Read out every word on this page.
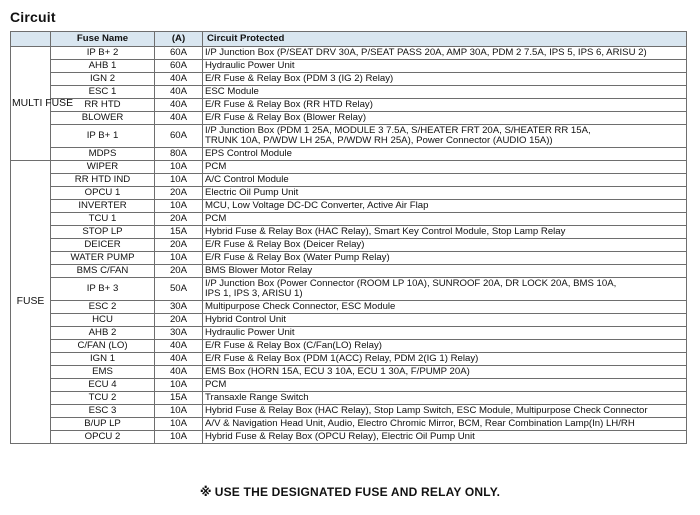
Circuit
	Fuse Name	(A)	Circuit Protected
MULTI FUSE	IP B+ 2	60A	I/P Junction Box (P/SEAT DRV 30A, P/SEAT PASS 20A, AMP 30A, PDM 2 7.5A, IPS 5, IPS 6, ARISU 2)

	AHB 1	60A	Hydraulic Power Unit

	IGN 2	40A	E/R Fuse & Relay Box (PDM 3 (IG 2) Relay)

	ESC 1	40A	ESC Module

	RR HTD	40A	E/R Fuse & Relay Box (RR HTD Relay)

	BLOWER	40A	E/R Fuse & Relay Box (Blower Relay)

	IP B+ 1	60A	I/P Junction Box (PDM 1 25A, MODULE 3 7.5A, S/HEATER FRT 20A, S/HEATER RR 15A,
TRUNK 10A, P/WDW LH 25A, P/WDW RH 25A), Power Connector (AUDIO 15A))

	MDPS	80A	EPS Control Module

FUSE	WIPER	10A	PCM

	RR HTD IND	10A	A/C Control Module

	OPCU 1	20A	Electric Oil Pump Unit

	INVERTER	10A	MCU, Low Voltage DC-DC Converter, Active Air Flap

	TCU 1	20A	PCM

	STOP LP	15A	Hybrid Fuse & Relay Box (HAC Relay), Smart Key Control Module, Stop Lamp Relay

	DEICER	20A	E/R Fuse & Relay Box (Deicer Relay)

	WATER PUMP	10A	E/R Fuse & Relay Box (Water Pump Relay)

	BMS C/FAN	20A	BMS Blower Motor Relay

	IP B+ 3	50A	I/P Junction Box (Power Connector (ROOM LP 10A), SUNROOF 20A, DR LOCK 20A, BMS 10A,
IPS 1, IPS 3, ARISU 1)

	ESC 2	30A	Multipurpose Check Connector, ESC Module

	HCU	20A	Hybrid Control Unit

	AHB 2	30A	Hydraulic Power Unit

	C/FAN (LO)	40A	E/R Fuse & Relay Box (C/Fan(LO) Relay)

	IGN 1	40A	E/R Fuse & Relay Box (PDM 1(ACC) Relay, PDM 2(IG 1) Relay)

	EMS	40A	EMS Box (HORN 15A, ECU 3 10A, ECU 1 30A, F/PUMP 20A)

	ECU 4	10A	PCM

	TCU 2	15A	Transaxle Range Switch

	ESC 3	10A	Hybrid Fuse & Relay Box (HAC Relay), Stop Lamp Switch, ESC Module, Multipurpose Check Connector

	B/UP LP	10A	A/V & Navigation Head Unit, Audio, Electro Chromic Mirror, BCM, Rear Combination Lamp(In) LH/RH

	OPCU 2	10A	Hybrid Fuse & Relay Box (OPCU Relay), Electric Oil Pump Unit
※ USE THE DESIGNATED FUSE AND RELAY ONLY.
